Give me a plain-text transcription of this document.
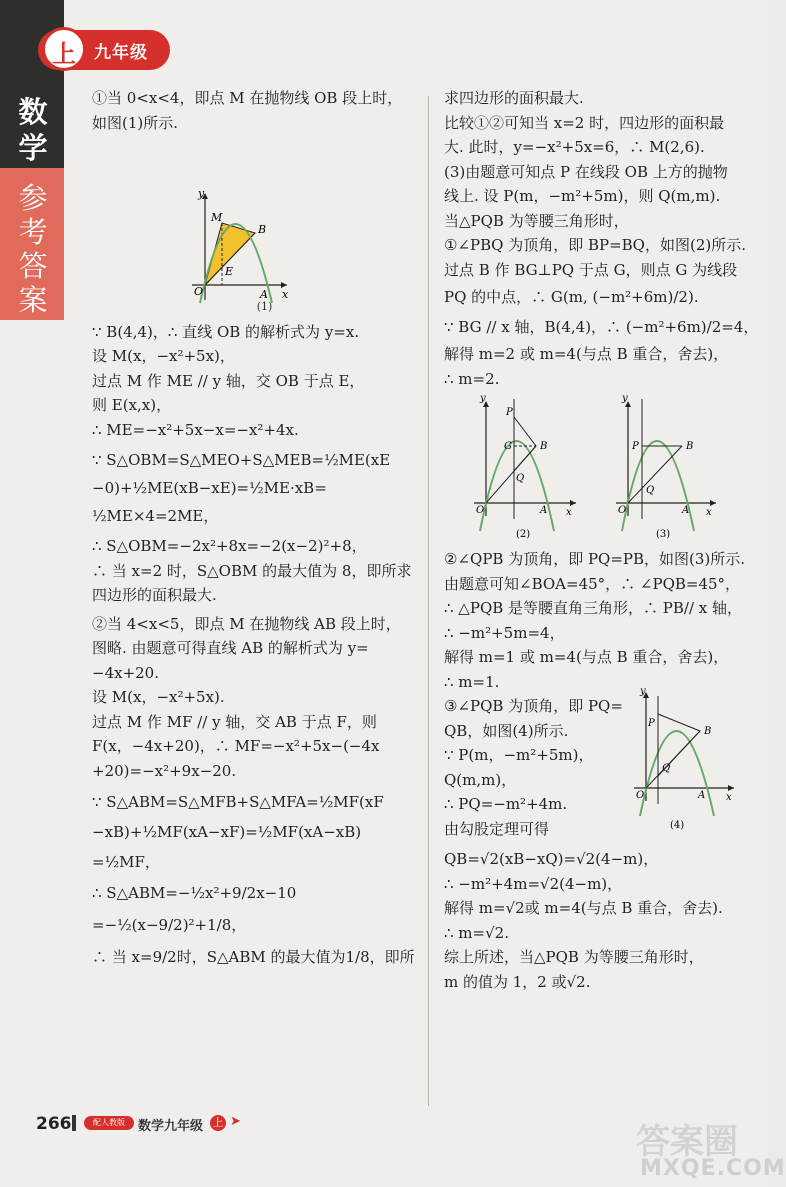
数
学
上	九年级
参
考
答
案

①当 0<x<4，即点 M 在抛物线 OB 段上时，

如图(1)所示.

O
M
B
E
A x
y

(1)

∵ B(4,4)，∴ 直线 OB 的解析式为 y=x.

设 M(x，−x²+5x)，

过点 M 作 ME // y 轴，交 OB 于点 E，

则 E(x,x)，

∴ ME=−x²+5x−x=−x²+4x.

∵ S△OBM=S△MEO+S△MEB=½ME(xE

−0)+½ME(xB−xE)=½ME·xB=

½ME×4=2ME，

∴ S△OBM=−2x²+8x=−2(x−2)²+8，

∴ 当 x=2 时，S△OBM 的最大值为 8，即所求

四边形的面积最大.

②当 4<x<5，即点 M 在抛物线 AB 段上时，

图略. 由题意可得直线 AB 的解析式为 y=

−4x+20.

设 M(x，−x²+5x).

过点 M 作 MF // y 轴，交 AB 于点 F，则

F(x，−4x+20)，∴ MF=−x²+5x−(−4x

+20)=−x²+9x−20.

∵ S△ABM=S△MFB+S△MFA=½MF(xF

−xB)+½MF(xA−xF)=½MF(xA−xB)

=½MF，

∴ S△ABM=−½x²+9/2x−10

=−½(x−9/2)²+1/8，

∴ 当 x=9/2时，S△ABM 的最大值为1/8，即所

求四边形的面积最大.

比较①②可知当 x=2 时，四边形的面积最

大. 此时，y=−x²+5x=6，∴ M(2,6).

(3)由题意可知点 P 在线段 OB 上方的抛物

线上. 设 P(m，−m²+5m)，则 Q(m,m).

当△PQB 为等腰三角形时，

①∠PBQ 为顶角，即 BP=BQ，如图(2)所示.

过点 B 作 BG⊥PQ 于点 G，则点 G 为线段

PQ 的中点，∴ G(m, (−m²+6m)/2).

∵ BG // x 轴，B(4,4)，∴ (−m²+6m)/2=4，

解得 m=2 或 m=4(与点 B 重合，舍去)，

∴ m=2.

y
P
G	B
Q
O	A x
y
P	B
Q
O	A x
(2)	(3)

②∠QPB 为顶角，即 PQ=PB，如图(3)所示.

由题意可知∠BOA=45°，∴ ∠PQB=45°，

∴ △PQB 是等腰直角三角形，∴ PB// x 轴，

∴ −m²+5m=4，

解得 m=1 或 m=4(与点 B 重合，舍去)，

∴ m=1.

③∠PQB 为顶角，即 PQ=

QB，如图(4)所示.

∵ P(m，−m²+5m)，

Q(m,m)，

∴ PQ=−m²+4m.

由勾股定理可得

y
P
B
Q
O	A x
(4)

QB=√2(xB−xQ)=√2(4−m)，

∴ −m²+4m=√2(4−m)，

解得 m=√2或 m=4(与点 B 重合，舍去).

∴ m=√2.

综上所述，当△PQB 为等腰三角形时，

m 的值为 1，2 或√2.

266	配人教版	数学九年级 上 ➤
答案圈
MXQE.COM
